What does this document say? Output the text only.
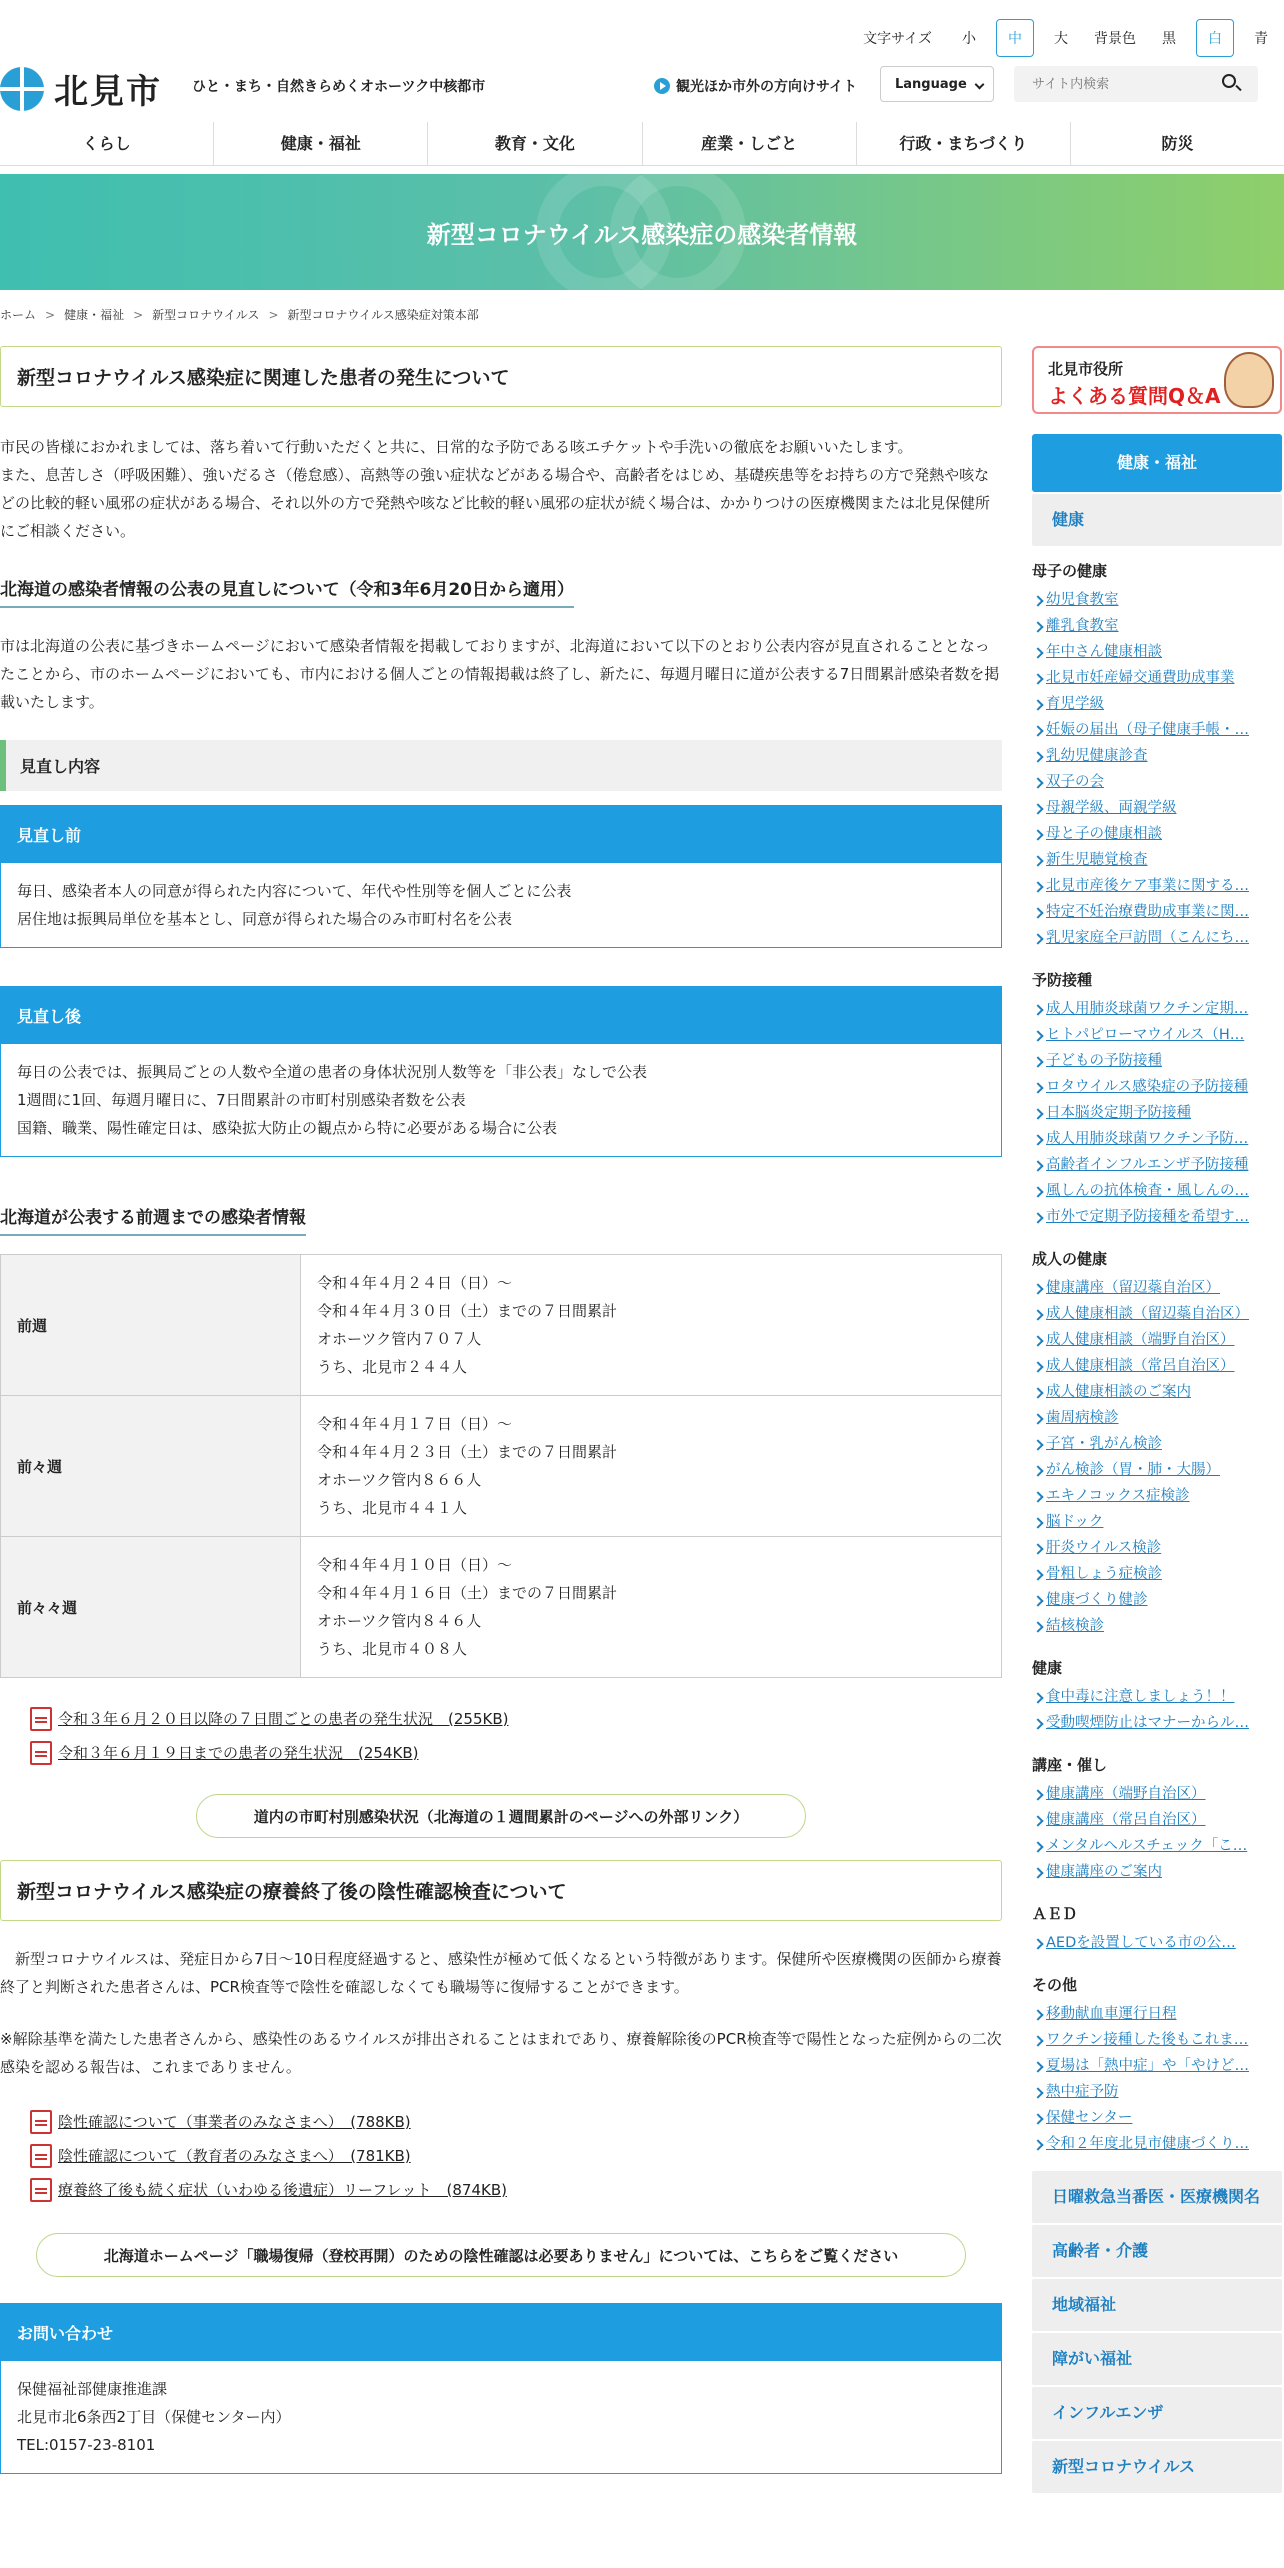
文字サイズ	小	中	大	背景色	黒	白	青
北見市 ひと・まち・自然きらめくオホーツク中核都市	観光ほか市外の方向けサイト	Language
サイト内検索
くらし	健康・福祉	教育・文化	産業・しごと	行政・まちづくり	防災
新型コロナウイルス感染症の感染者情報
ホーム > 健康・福祉 > 新型コロナウイルス > 新型コロナウイルス感染症対策本部
新型コロナウイルス感染症に関連した患者の発生について

市民の皆様におかれましては、落ち着いて行動いただくと共に、日常的な予防である咳エチケットや手洗いの徹底をお願いいたします。
また、息苦しさ（呼吸困難）、強いだるさ（倦怠感）、高熱等の強い症状などがある場合や、高齢者をはじめ、基礎疾患等をお持ちの方で発熱や咳などの比較的軽い風邪の症状がある場合、それ以外の方で発熱や咳など比較的軽い風邪の症状が続く場合は、かかりつけの医療機関または北見保健所にご相談ください。

北海道の感染者情報の公表の見直しについて（令和3年6月20日から適用）

市は北海道の公表に基づきホームページにおいて感染者情報を掲載しておりますが、北海道において以下のとおり公表内容が見直されることとなったことから、市のホームページにおいても、市内における個人ごとの情報掲載は終了し、新たに、毎週月曜日に道が公表する7日間累計感染者数を掲載いたします。

見直し内容
見直し前
毎日、感染者本人の同意が得られた内容について、年代や性別等を個人ごとに公表
居住地は振興局単位を基本とし、同意が得られた場合のみ市町村名を公表
見直し後
毎日の公表では、振興局ごとの人数や全道の患者の身体状況別人数等を「非公表」なしで公表
1週間に1回、毎週月曜日に、7日間累計の市町村別感染者数を公表
国籍、職業、陽性確定日は、感染拡大防止の観点から特に必要がある場合に公表
北海道が公表する前週までの感染者情報
前週	令和４年４月２４日（日）～
令和４年４月３０日（土）までの７日間累計
オホーツク管内７０７人
うち、北見市２４４人

前々週	令和４年４月１７日（日）～
令和４年４月２３日（土）までの７日間累計
オホーツク管内８６６人
うち、北見市４４１人

前々々週	令和４年４月１０日（日）～
令和４年４月１６日（土）までの７日間累計
オホーツク管内８４６人
うち、北見市４０８人
令和３年６月２０日以降の７日間ごとの患者の発生状況　(255KB)
令和３年６月１９日までの患者の発生状況　(254KB)
道内の市町村別感染状況（北海道の１週間累計のページへの外部リンク）
新型コロナウイルス感染症の療養終了後の陰性確認検査について

　新型コロナウイルスは、発症日から7日～10日程度経過すると、感染性が極めて低くなるという特徴があります。保健所や医療機関の医師から療養終了と判断された患者さんは、PCR検査等で陰性を確認しなくても職場等に復帰することができます。

※解除基準を満たした患者さんから、感染性のあるウイルスが排出されることはまれであり、療養解除後のPCR検査等で陽性となった症例からの二次感染を認める報告は、これまでありません。

陰性確認について（事業者のみなさまへ）　(788KB)
陰性確認について（教育者のみなさまへ）　(781KB)
療養終了後も続く症状（いわゆる後遺症）リーフレット　(874KB)
北海道ホームページ「職場復帰（登校再開）のための陰性確認は必要ありません」については、こちらをご覧ください
お問い合わせ
保健福祉部健康推進課
北見市北6条西2丁目（保健センター内）
TEL:0157-23-8101
北見市役所
よくある質問Q＆A
健康・福祉
健康
母子の健康
幼児食教室
離乳食教室
年中さん健康相談
北見市妊産婦交通費助成事業
育児学級
妊娠の届出（母子健康手帳・…
乳幼児健康診査
双子の会
母親学級、両親学級
母と子の健康相談
新生児聴覚検査
北見市産後ケア事業に関する…
特定不妊治療費助成事業に関…
乳児家庭全戸訪問（こんにち…
予防接種
成人用肺炎球菌ワクチン定期…
ヒトパピローマウイルス（H…
子どもの予防接種
ロタウイルス感染症の予防接種
日本脳炎定期予防接種
成人用肺炎球菌ワクチン予防…
高齢者インフルエンザ予防接種
風しんの抗体検査・風しんの…
市外で定期予防接種を希望す…
成人の健康
健康講座（留辺蘂自治区）
成人健康相談（留辺蘂自治区）
成人健康相談（端野自治区）
成人健康相談（常呂自治区）
成人健康相談のご案内
歯周病検診
子宮・乳がん検診
がん検診（胃・肺・大腸）
エキノコックス症検診
脳ドック
肝炎ウイルス検診
骨粗しょう症検診
健康づくり健診
結核検診
健康
食中毒に注意しましょう！！
受動喫煙防止はマナーからル…
講座・催し
健康講座（端野自治区）
健康講座（常呂自治区）
メンタルヘルスチェック「こ…
健康講座のご案内
ＡＥＤ
AEDを設置している市の公…
その他
移動献血車運行日程
ワクチン接種した後もこれま…
夏場は「熱中症」や「やけど…
熱中症予防
保健センター
令和２年度北見市健康づくり…
日曜救急当番医・医療機関名
高齢者・介護
地域福祉
障がい福祉
インフルエンザ
新型コロナウイルス
